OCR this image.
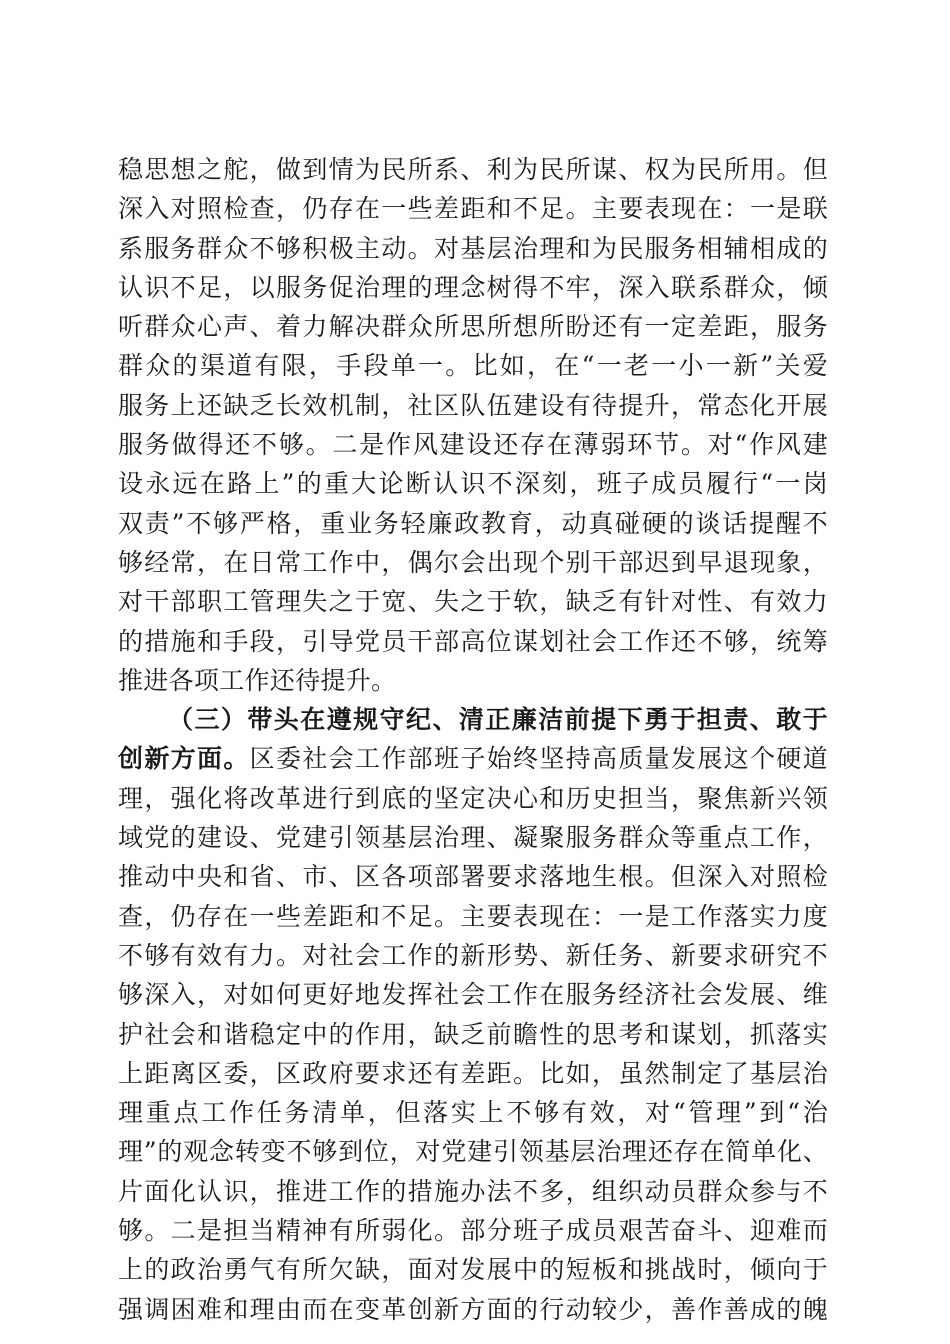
稳思想之舵，做到情为民所系、利为民所谋、权为民所用。但
深入对照检查，仍存在一些差距和不足。主要表现在：一是联
系服务群众不够积极主动。对基层治理和为民服务相辅相成的
认识不足，以服务促治理的理念树得不牢，深入联系群众，倾
听群众心声、着力解决群众所思所想所盼还有一定差距，服务
群众的渠道有限，手段单一。比如，在“一老一小一新”关爱
服务上还缺乏长效机制，社区队伍建设有待提升，常态化开展
服务做得还不够。二是作风建设还存在薄弱环节。对“作风建
设永远在路上”的重大论断认识不深刻，班子成员履行“一岗
双责”不够严格，重业务轻廉政教育，动真碰硬的谈话提醒不
够经常，在日常工作中，偶尔会出现个别干部迟到早退现象，
对干部职工管理失之于宽、失之于软，缺乏有针对性、有效力
的措施和手段，引导党员干部高位谋划社会工作还不够，统筹
推进各项工作还待提升。
（三）带头在遵规守纪、清正廉洁前提下勇于担责、敢于
创新方面。区委社会工作部班子始终坚持高质量发展这个硬道
理，强化将改革进行到底的坚定决心和历史担当，聚焦新兴领
域党的建设、党建引领基层治理、凝聚服务群众等重点工作，
推动中央和省、市、区各项部署要求落地生根。但深入对照检
查，仍存在一些差距和不足。主要表现在：一是工作落实力度
不够有效有力。对社会工作的新形势、新任务、新要求研究不
够深入，对如何更好地发挥社会工作在服务经济社会发展、维
护社会和谐稳定中的作用，缺乏前瞻性的思考和谋划，抓落实
上距离区委，区政府要求还有差距。比如，虽然制定了基层治
理重点工作任务清单，但落实上不够有效，对“管理”到“治
理”的观念转变不够到位，对党建引领基层治理还存在简单化、
片面化认识，推进工作的措施办法不多，组织动员群众参与不
够。二是担当精神有所弱化。部分班子成员艰苦奋斗、迎难而
上的政治勇气有所欠缺，面对发展中的短板和挑战时，倾向于
强调困难和理由而在变革创新方面的行动较少，善作善成的魄
